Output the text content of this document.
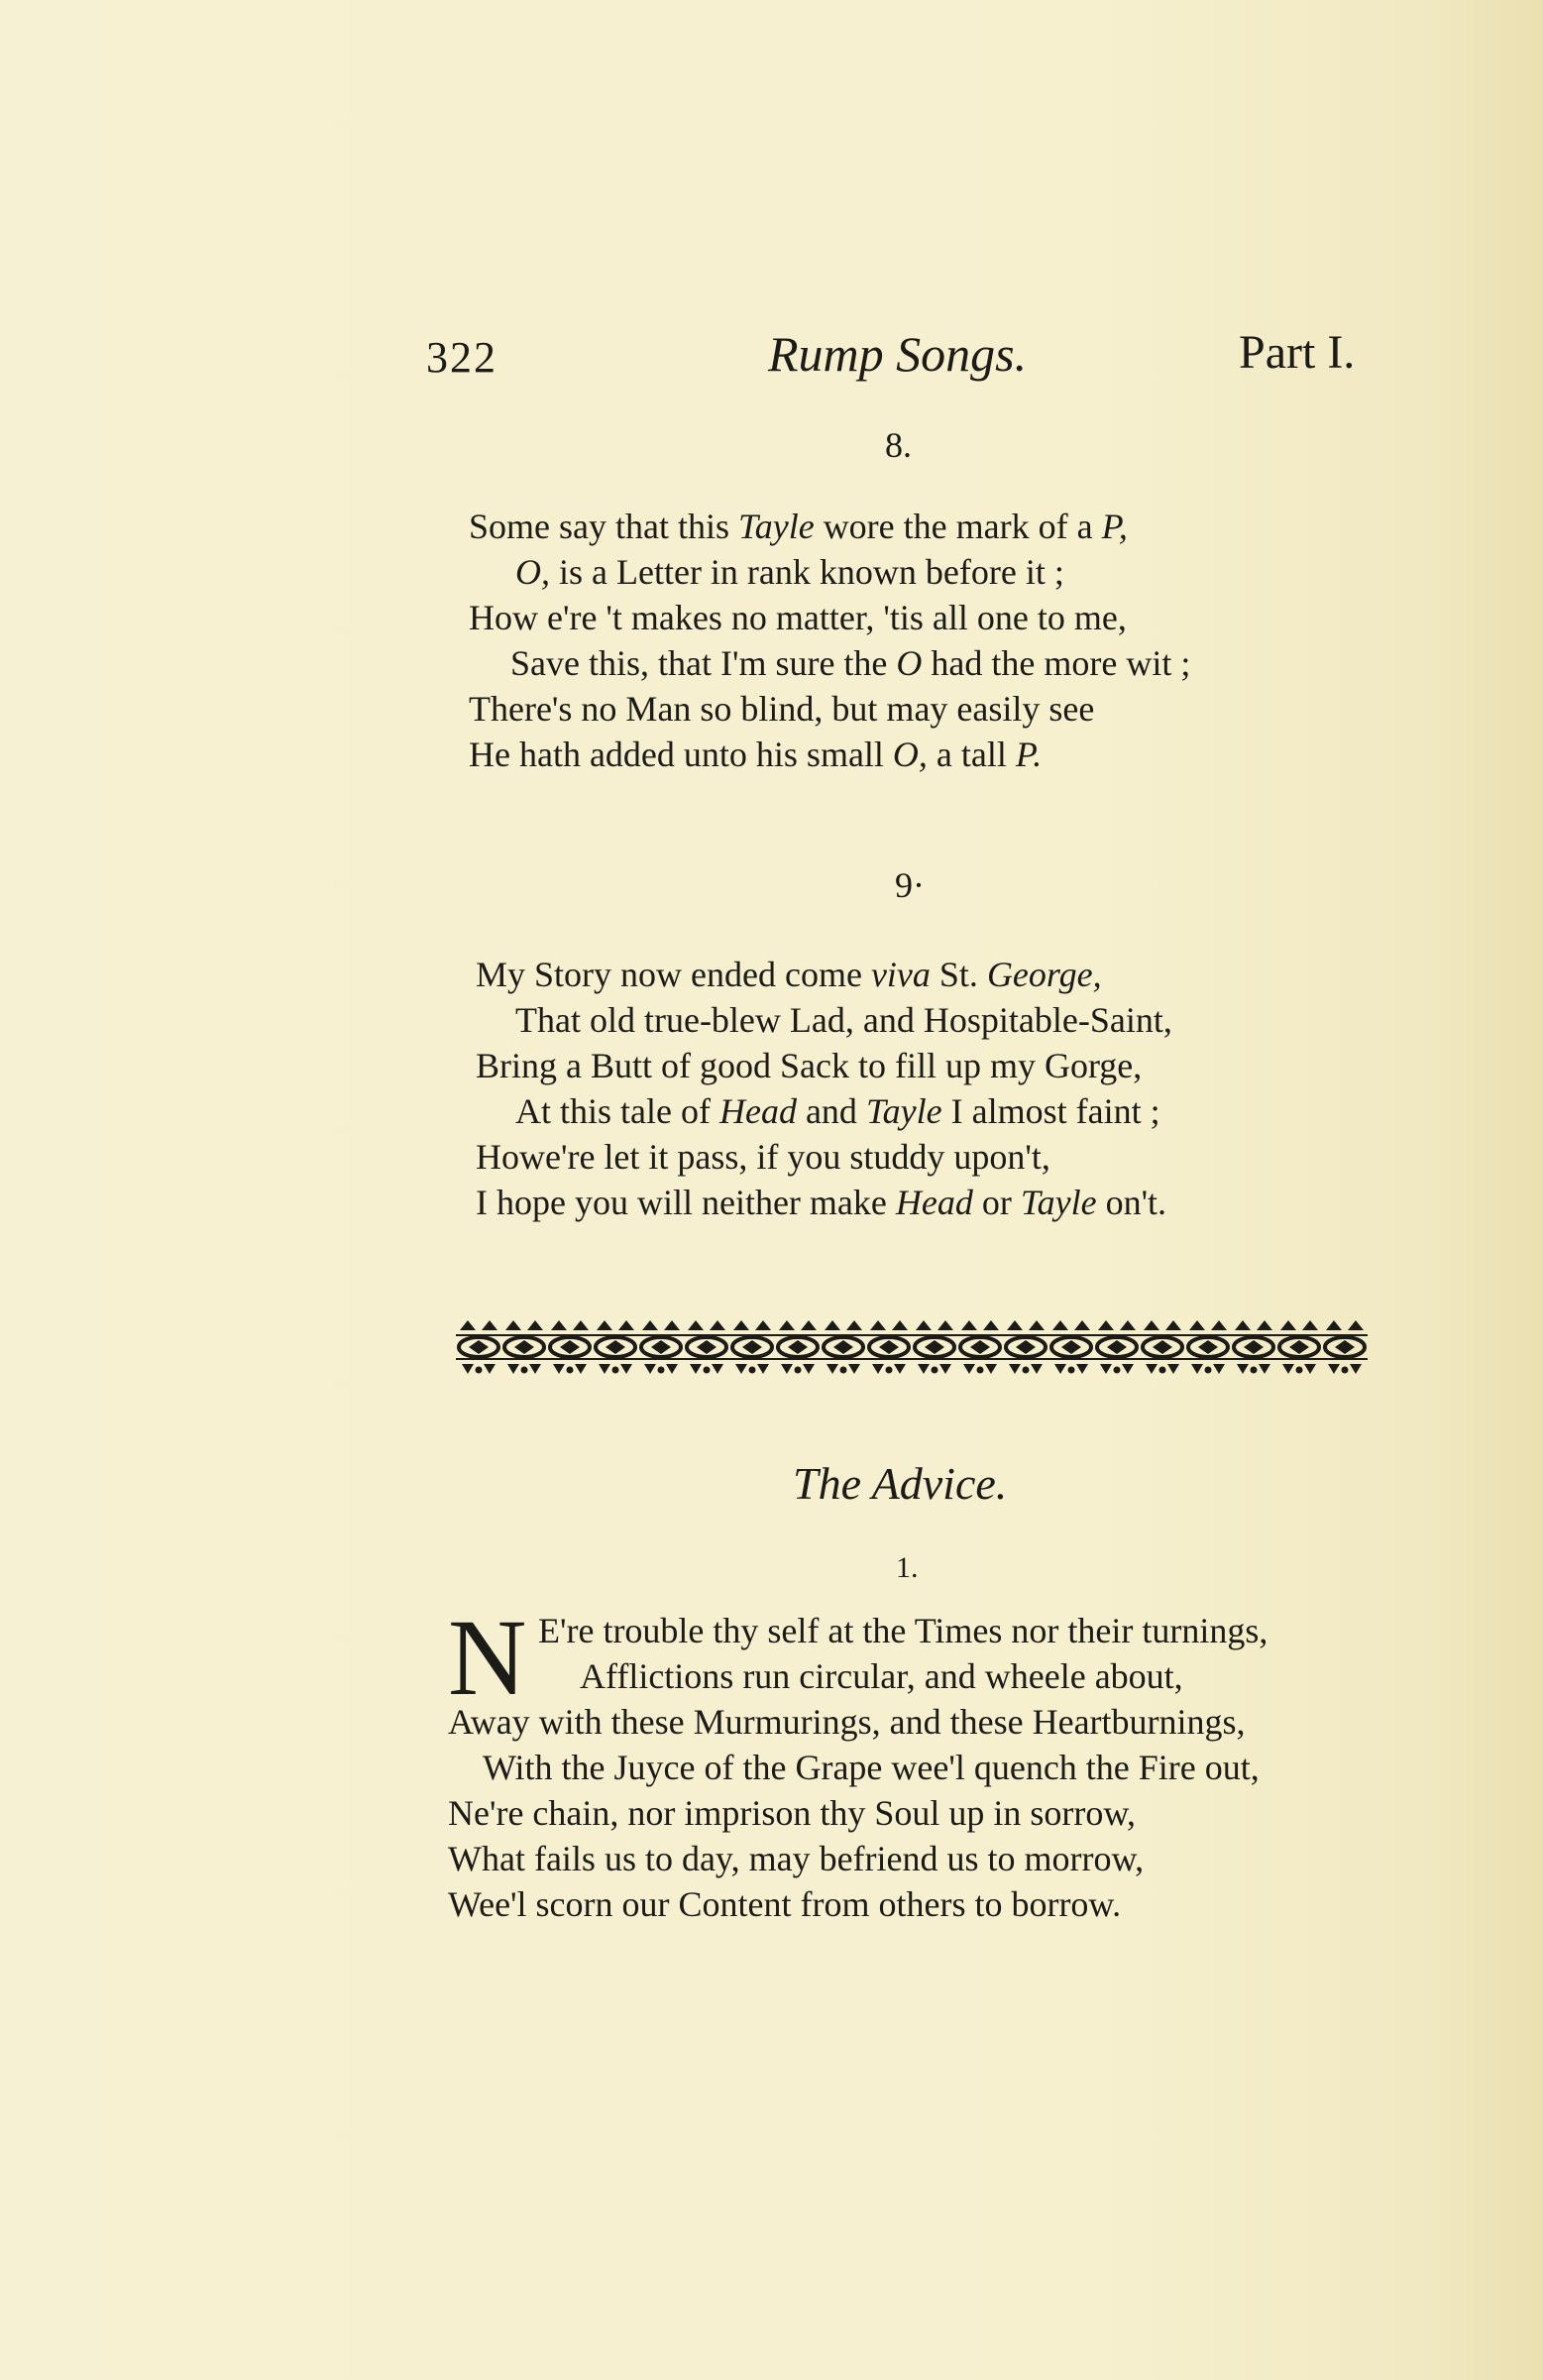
322	Rump Songs.	Part I.
8.
Some say that this Tayle wore the mark of a P,
O, is a Letter in rank known before it ;
How e're 't makes no matter, 'tis all one to me,
Save this, that I'm sure the O had the more wit ;
There's no Man so blind, but may easily see
He hath added unto his small O, a tall P.
9·
My Story now ended come viva St. George,
That old true-blew Lad, and Hospitable-Saint,
Bring a Butt of good Sack to fill up my Gorge,
At this tale of Head and Tayle I almost faint ;
Howe're let it pass, if you studdy upon't,
I hope you will neither make Head or Tayle on't.
The Advice.
1.
N E're trouble thy self at the Times nor their turnings,
Afflictions run circular, and wheele about,
Away with these Murmurings, and these Heartburnings,
With the Juyce of the Grape wee'l quench the Fire out,
Ne're chain, nor imprison thy Soul up in sorrow,
What fails us to day, may befriend us to morrow,
Wee'l scorn our Content from others to borrow.
